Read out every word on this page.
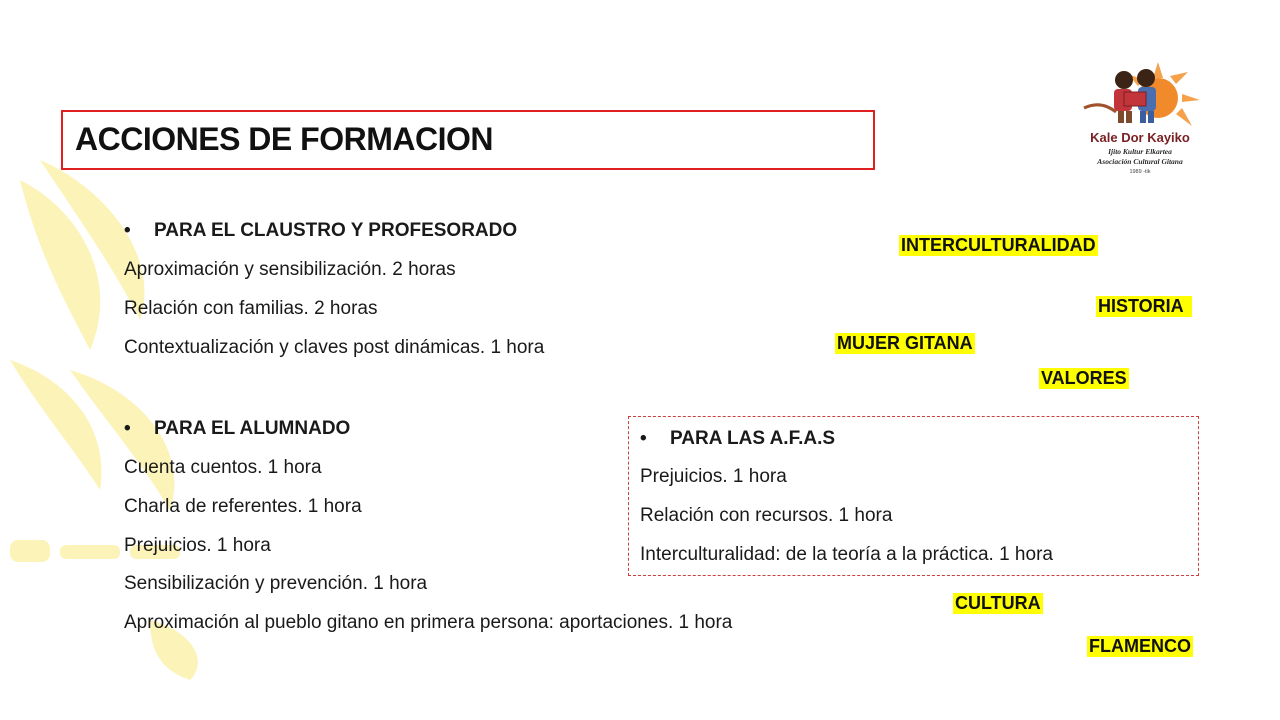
ACCIONES DE FORMACION	Kale Dor Kayiko
Ijito Kultur Elkartea
Asociación Cultural Gitana
1989 -tik
• PARA EL CLAUSTRO Y PROFESORADO
Aproximación y sensibilización. 2 horas
Relación con familias. 2 horas
Contextualización y claves post dinámicas. 1 hora
• PARA EL ALUMNADO
Cuenta cuentos. 1 hora
Charla de referentes. 1 hora
Prejuicios. 1 hora
Sensibilización y prevención. 1 hora
Aproximación al pueblo gitano en primera persona: aportaciones. 1 hora
• PARA LAS A.F.A.S
Prejuicios. 1 hora
Relación con recursos. 1 hora
Interculturalidad: de la teoría a la práctica. 1 hora
INTERCULTURALIDAD
HISTORIA
MUJER GITANA
VALORES
CULTURA
FLAMENCO
